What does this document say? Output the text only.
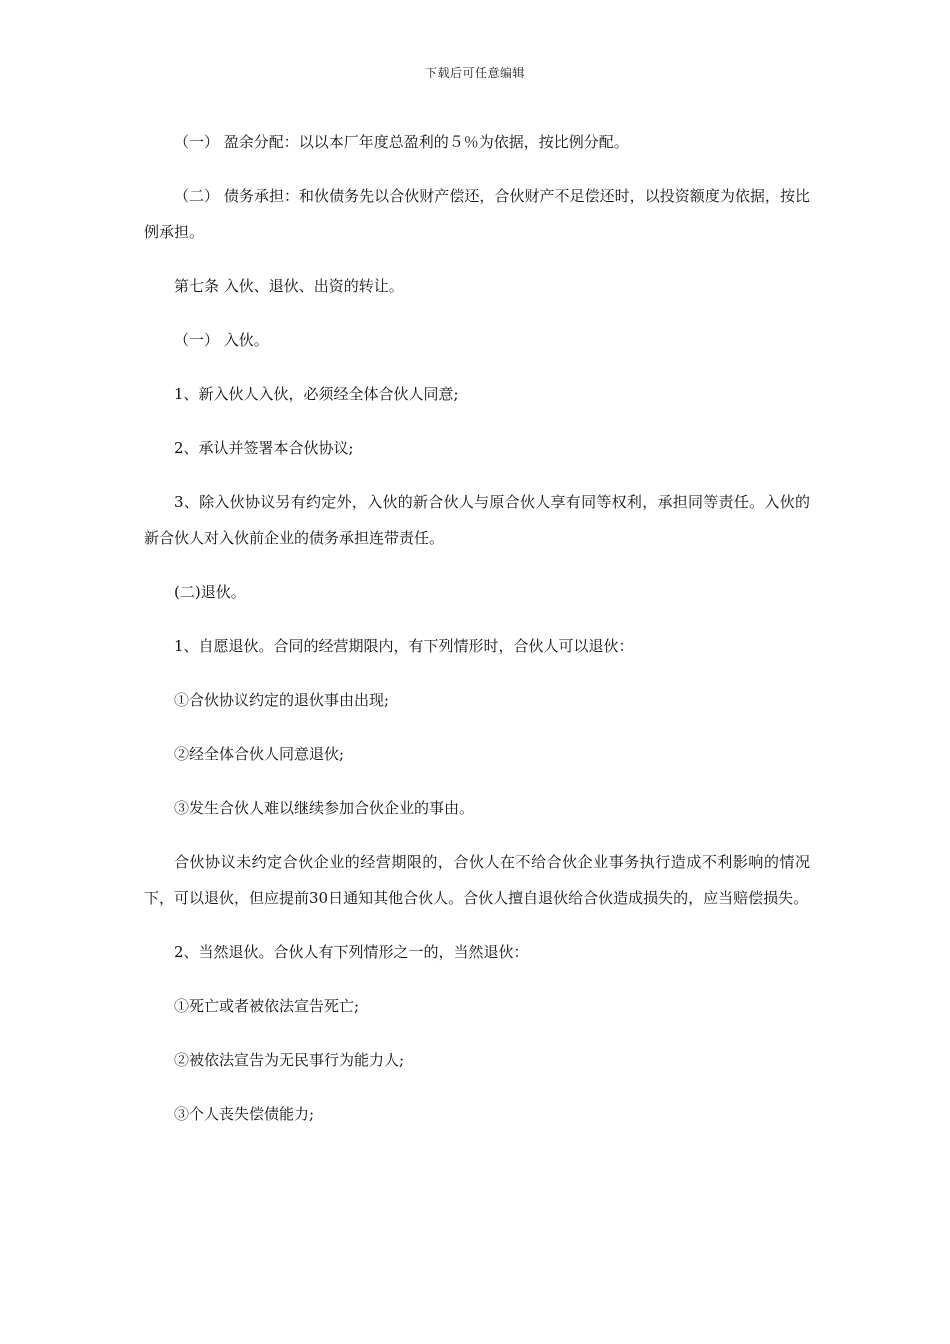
下载后可任意编辑

（一） 盈余分配：以以本厂年度总盈利的５％为依据，按比例分配。

（二） 债务承担：和伙债务先以合伙财产偿还，合伙财产不足偿还时，以投资额度为依据，按比例承担。

第七条 入伙、退伙、出资的转让。

（一） 入伙。

1、新入伙人入伙，必须经全体合伙人同意;

2、承认并签署本合伙协议;

3、除入伙协议另有约定外，入伙的新合伙人与原合伙人享有同等权利，承担同等责任。入伙的新合伙人对入伙前企业的债务承担连带责任。

(二)退伙。

1、自愿退伙。合同的经营期限内，有下列情形时，合伙人可以退伙：

①合伙协议约定的退伙事由出现;

②经全体合伙人同意退伙;

③发生合伙人难以继续参加合伙企业的事由。

合伙协议未约定合伙企业的经营期限的，合伙人在不给合伙企业事务执行造成不利影响的情况下，可以退伙，但应提前30日通知其他合伙人。合伙人擅自退伙给合伙造成损失的，应当赔偿损失。

2、当然退伙。合伙人有下列情形之一的，当然退伙：

①死亡或者被依法宣告死亡;

②被依法宣告为无民事行为能力人;

③个人丧失偿债能力;
